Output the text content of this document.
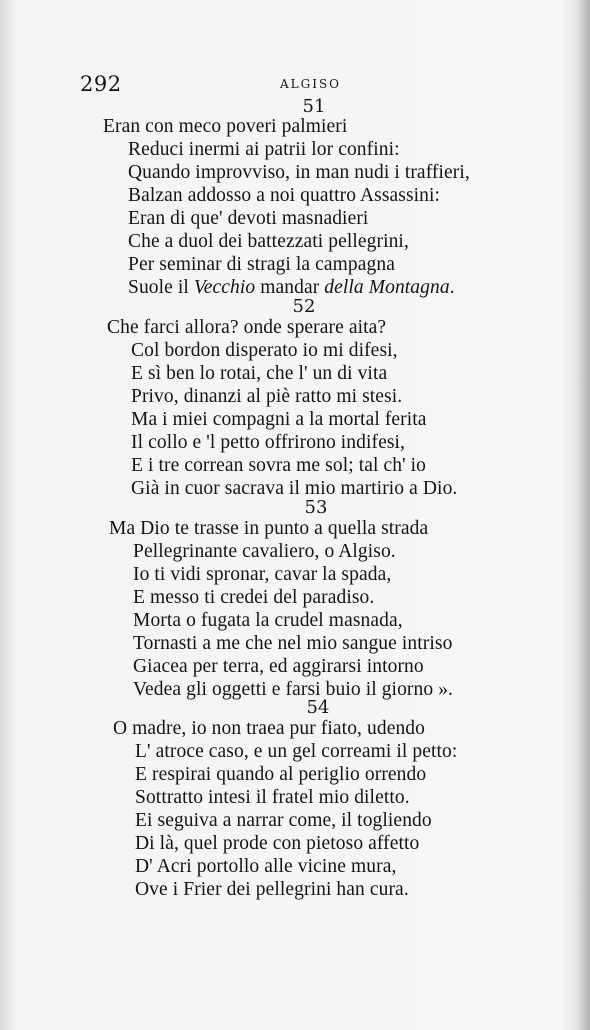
292	ALGISO
51
Eran con meco poveri palmieri
Reduci inermi ai patrii lor confini:
Quando improvviso, in man nudi i traffieri,
Balzan addosso a noi quattro Assassini:
Eran di que' devoti masnadieri
Che a duol dei battezzati pellegrini,
Per seminar di stragi la campagna
Suole il Vecchio mandar della Montagna.
52
Che farci allora? onde sperare aita?
Col bordon disperato io mi difesi,
E sì ben lo rotai, che l' un di vita
Privo, dinanzi al piè ratto mi stesi.
Ma i miei compagni a la mortal ferita
Il collo e 'l petto offrirono indifesi,
E i tre correan sovra me sol; tal ch' io
Già in cuor sacrava il mio martirio a Dio.
53
Ma Dio te trasse in punto a quella strada
Pellegrinante cavaliero, o Algiso.
Io ti vidi spronar, cavar la spada,
E messo ti credei del paradiso.
Morta o fugata la crudel masnada,
Tornasti a me che nel mio sangue intriso
Giacea per terra, ed aggirarsi intorno
Vedea gli oggetti e farsi buio il giorno ».
54
O madre, io non traea pur fiato, udendo
L' atroce caso, e un gel correami il petto:
E respirai quando al periglio orrendo
Sottratto intesi il fratel mio diletto.
Ei seguiva a narrar come, il togliendo
Di là, quel prode con pietoso affetto
D' Acri portollo alle vicine mura,
Ove i Frier dei pellegrini han cura.
